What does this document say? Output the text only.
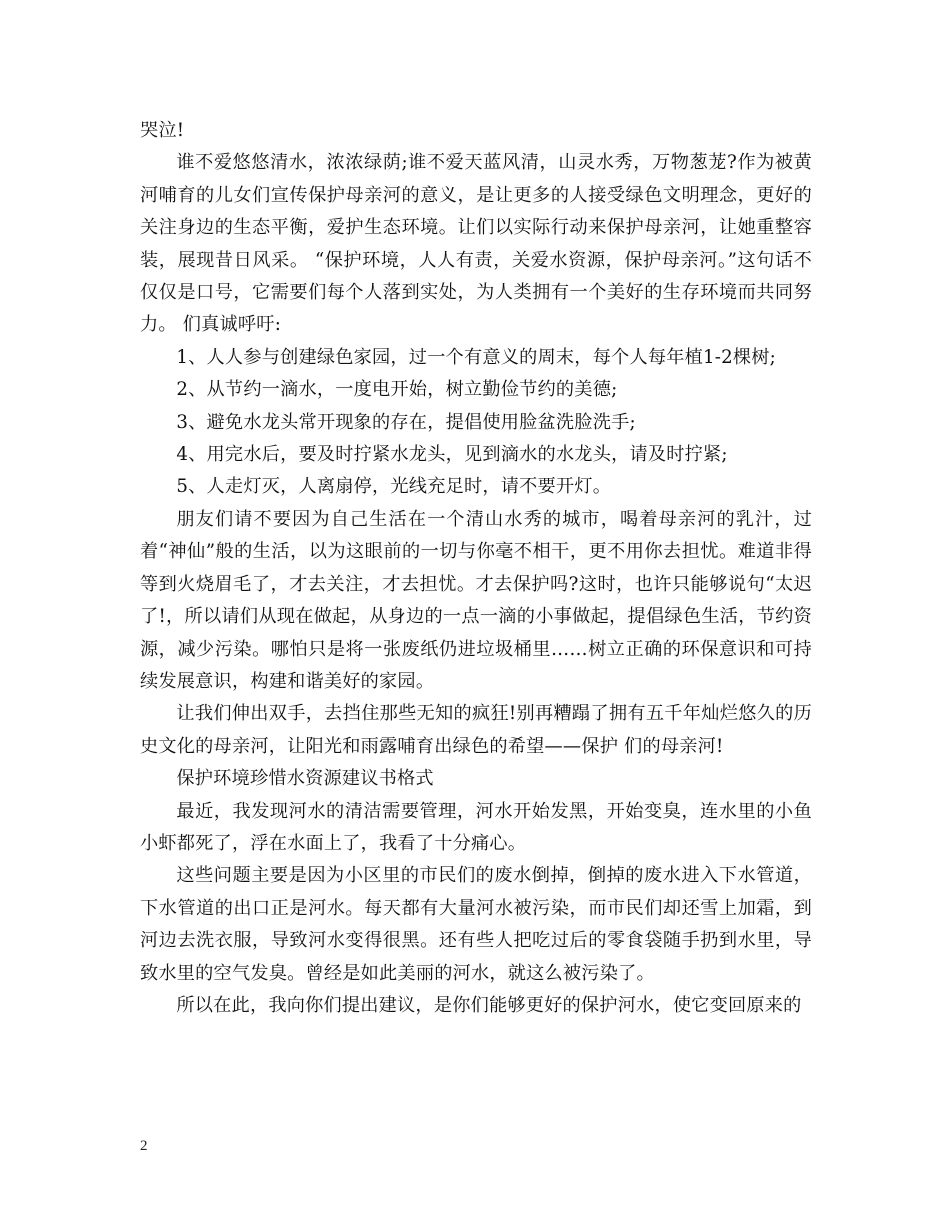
哭泣!

谁不爱悠悠清水，浓浓绿荫;谁不爱天蓝风清，山灵水秀，万物葱茏?作为被黄河哺育的儿女们宣传保护母亲河的意义，是让更多的人接受绿色文明理念，更好的关注身边的生态平衡，爱护生态环境。让们以实际行动来保护母亲河，让她重整容装，展现昔日风采。 “保护环境，人人有责，关爱水资源，保护母亲河。”这句话不仅仅是口号，它需要们每个人落到实处，为人类拥有一个美好的生存环境而共同努力。 们真诚呼吁:

1、人人参与创建绿色家园，过一个有意义的周末，每个人每年植1-2棵树;

2、从节约一滴水，一度电开始，树立勤俭节约的美德;

3、避免水龙头常开现象的存在，提倡使用脸盆洗脸洗手;

4、用完水后，要及时拧紧水龙头，见到滴水的水龙头，请及时拧紧;

5、人走灯灭，人离扇停，光线充足时，请不要开灯。

朋友们请不要因为自己生活在一个清山水秀的城市，喝着母亲河的乳汁，过着“神仙”般的生活，以为这眼前的一切与你毫不相干，更不用你去担忧。难道非得等到火烧眉毛了，才去关注，才去担忧。才去保护吗?这时，也许只能够说句“太迟了!，所以请们从现在做起，从身边的一点一滴的小事做起，提倡绿色生活，节约资源，减少污染。哪怕只是将一张废纸仍进垃圾桶里……树立正确的环保意识和可持续发展意识，构建和谐美好的家园。

让我们伸出双手，去挡住那些无知的疯狂!别再糟蹋了拥有五千年灿烂悠久的历史文化的母亲河，让阳光和雨露哺育出绿色的希望——保护 们的母亲河!

保护环境珍惜水资源建议书格式

最近，我发现河水的清洁需要管理，河水开始发黑，开始变臭，连水里的小鱼小虾都死了，浮在水面上了，我看了十分痛心。

这些问题主要是因为小区里的市民们的废水倒掉，倒掉的废水进入下水管道，下水管道的出口正是河水。每天都有大量河水被污染，而市民们却还雪上加霜，到河边去洗衣服，导致河水变得很黑。还有些人把吃过后的零食袋随手扔到水里，导致水里的空气发臭。曾经是如此美丽的河水，就这么被污染了。

所以在此，我向你们提出建议，是你们能够更好的保护河水，使它变回原来的

2
